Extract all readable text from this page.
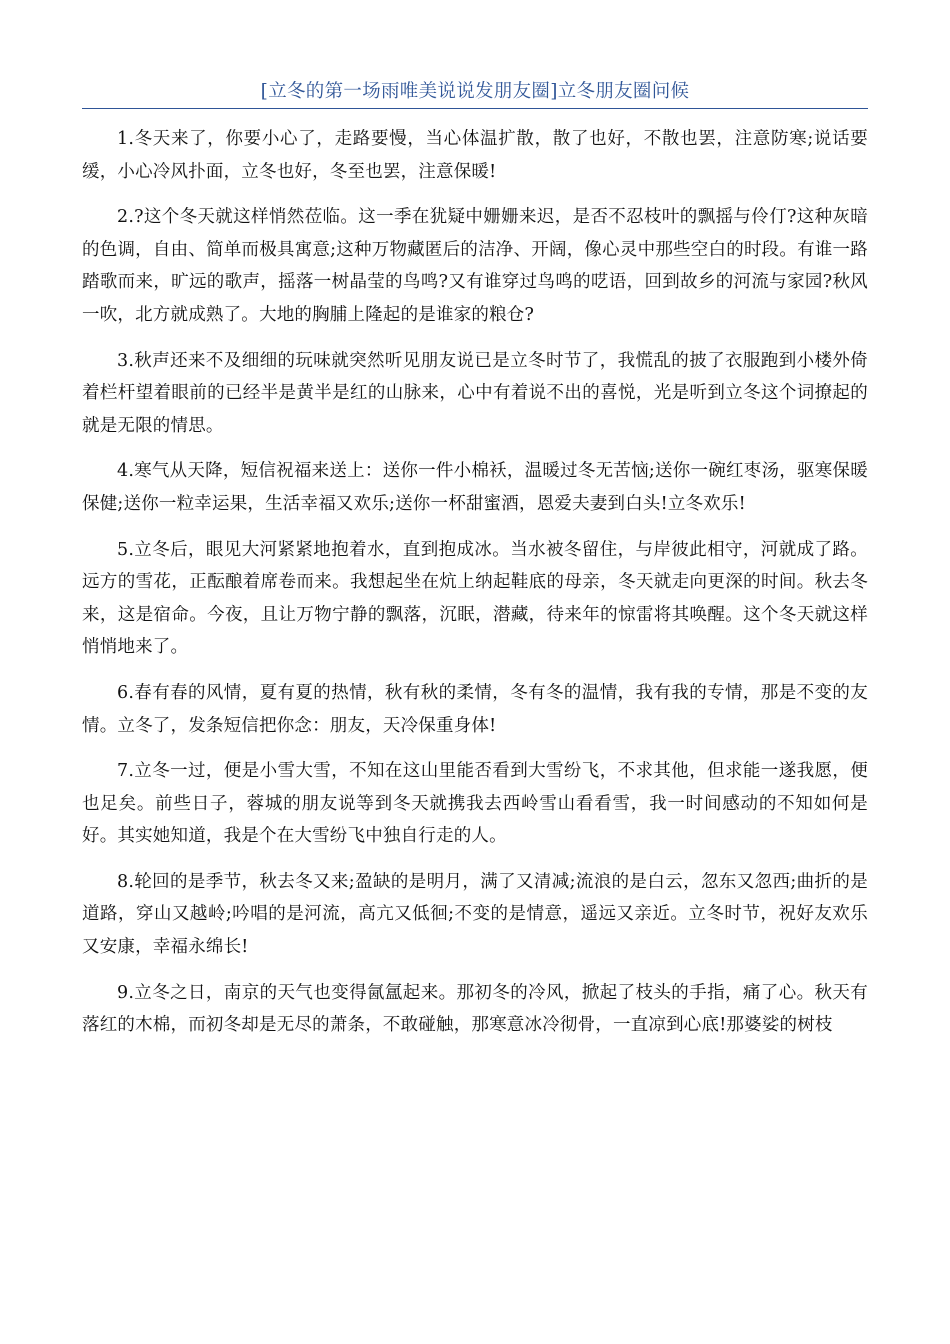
[立冬的第一场雨唯美说说发朋友圈]立冬朋友圈问候

1.冬天来了，你要小心了，走路要慢，当心体温扩散，散了也好，不散也罢，注意防寒;说话要缓，小心冷风扑面，立冬也好，冬至也罢，注意保暖!

2.?这个冬天就这样悄然莅临。这一季在犹疑中姗姗来迟，是否不忍枝叶的飘摇与伶仃?这种灰暗的色调，自由、简单而极具寓意;这种万物藏匿后的洁净、开阔，像心灵中那些空白的时段。有谁一路踏歌而来，旷远的歌声，摇落一树晶莹的鸟鸣?又有谁穿过鸟鸣的呓语，回到故乡的河流与家园?秋风一吹，北方就成熟了。大地的胸脯上隆起的是谁家的粮仓?

3.秋声还来不及细细的玩味就突然听见朋友说已是立冬时节了，我慌乱的披了衣服跑到小楼外倚着栏杆望着眼前的已经半是黄半是红的山脉来，心中有着说不出的喜悦，光是听到立冬这个词撩起的就是无限的情思。

4.寒气从天降，短信祝福来送上：送你一件小棉袄，温暖过冬无苦恼;送你一碗红枣汤，驱寒保暖保健;送你一粒幸运果，生活幸福又欢乐;送你一杯甜蜜酒，恩爱夫妻到白头!立冬欢乐!

5.立冬后，眼见大河紧紧地抱着水，直到抱成冰。当水被冬留住，与岸彼此相守，河就成了路。远方的雪花，正酝酿着席卷而来。我想起坐在炕上纳起鞋底的母亲，冬天就走向更深的时间。秋去冬来，这是宿命。今夜，且让万物宁静的飘落，沉眠，潜藏，待来年的惊雷将其唤醒。这个冬天就这样悄悄地来了。

6.春有春的风情，夏有夏的热情，秋有秋的柔情，冬有冬的温情，我有我的专情，那是不变的友情。立冬了，发条短信把你念：朋友，天冷保重身体!

7.立冬一过，便是小雪大雪，不知在这山里能否看到大雪纷飞，不求其他，但求能一遂我愿，便也足矣。前些日子，蓉城的朋友说等到冬天就携我去西岭雪山看看雪，我一时间感动的不知如何是好。其实她知道，我是个在大雪纷飞中独自行走的人。

8.轮回的是季节，秋去冬又来;盈缺的是明月，满了又清减;流浪的是白云，忽东又忽西;曲折的是道路，穿山又越岭;吟唱的是河流，高亢又低徊;不变的是情意，遥远又亲近。立冬时节，祝好友欢乐又安康，幸福永绵长!

9.立冬之日，南京的天气也变得氤氲起来。那初冬的冷风，掀起了枝头的手指，痛了心。秋天有落红的木棉，而初冬却是无尽的萧条，不敢碰触，那寒意冰冷彻骨，一直凉到心底!那婆娑的树枝
